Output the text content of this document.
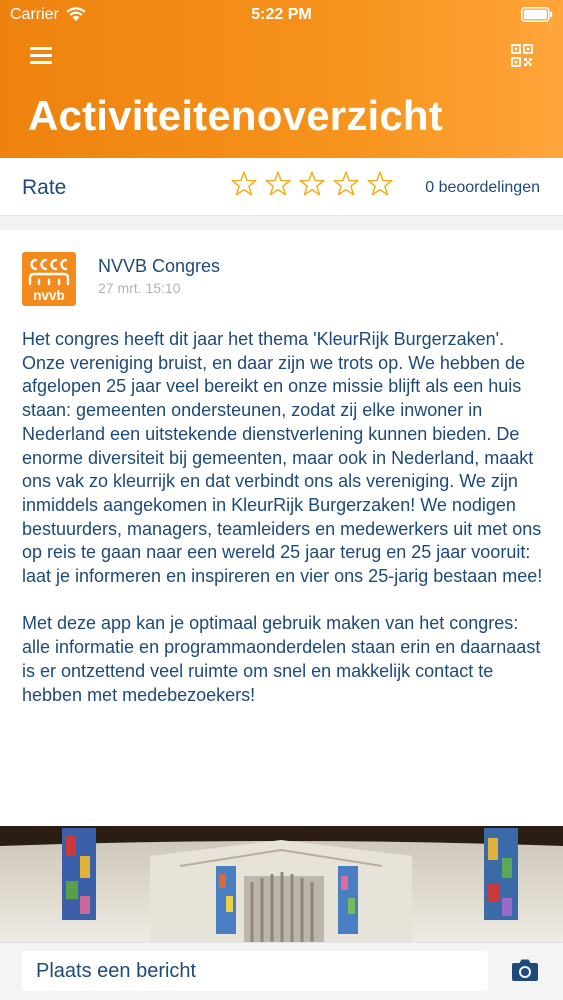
Carrier	5:22 PM
Activiteitenoverzicht
Rate	0 beoordelingen
nvvb
NVVB Congres
27 mrt. 15:10

Het congres heeft dit jaar het thema 'KleurRijk Burgerzaken'. Onze vereniging bruist, en daar zijn we trots op. We hebben de afgelopen 25 jaar veel bereikt en onze missie blijft als een huis staan: gemeenten ondersteunen, zodat zij elke inwoner in Nederland een uitstekende dienstverlening kunnen bieden. De enorme diversiteit bij gemeenten, maar ook in Nederland, maakt ons vak zo kleurrijk en dat verbindt ons als vereniging. We zijn inmiddels aangekomen in KleurRijk Burgerzaken! We nodigen bestuurders, managers, teamleiders en medewerkers uit met ons op reis te gaan naar een wereld 25 jaar terug en 25 jaar vooruit: laat je informeren en inspireren en vier ons 25-jarig bestaan mee!

Met deze app kan je optimaal gebruik maken van het congres: alle informatie en programmaonderdelen staan erin en daarnaast is er ontzettend veel ruimte om snel en makkelijk contact te hebben met medebezoekers!

Plaats een bericht
